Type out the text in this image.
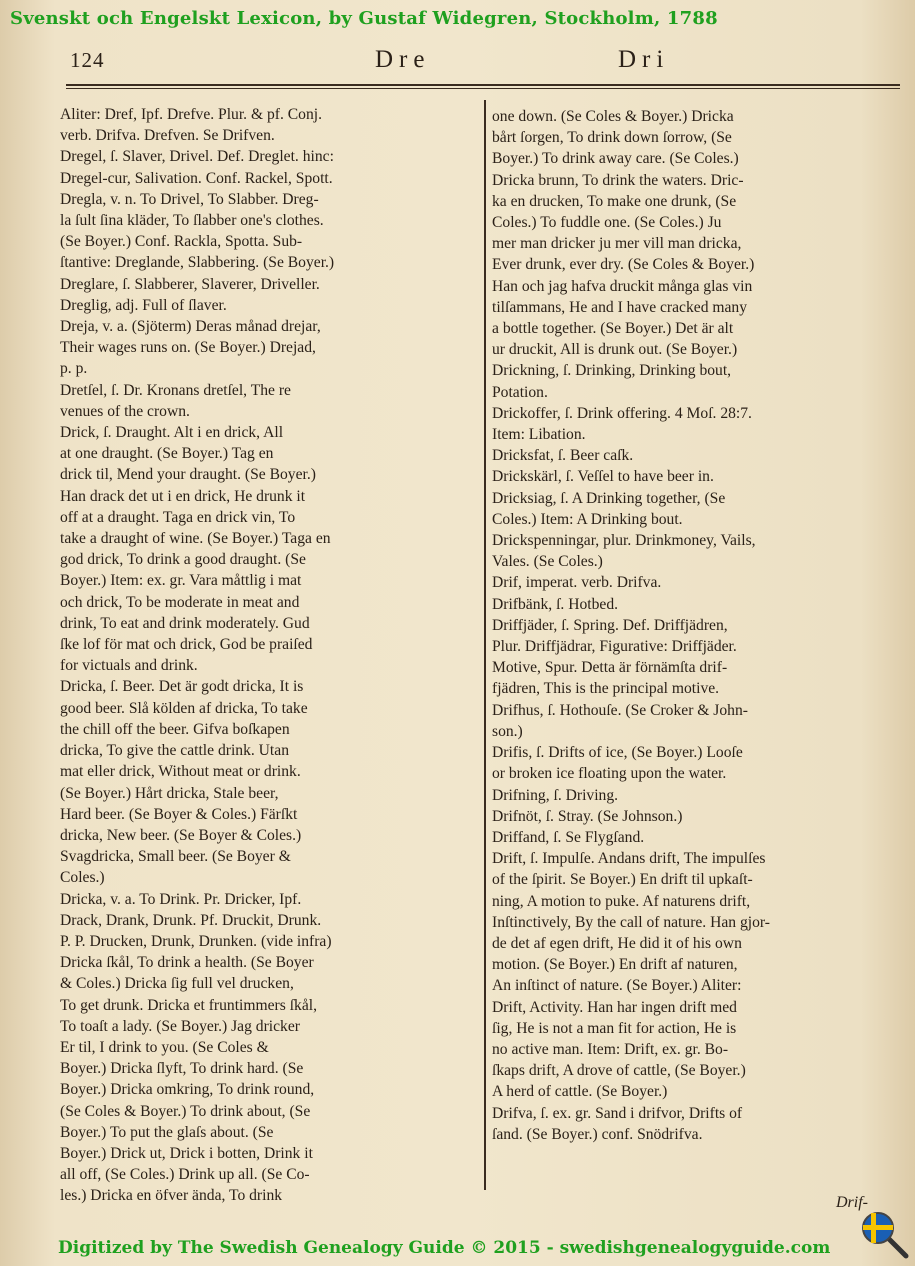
Svenskt och Engelskt Lexicon, by Gustaf Widegren, Stockholm, 1788
124	Dre	Dri
Aliter: Dref, Ipf. Drefve. Plur. & pf. Conj.
verb. Drifva. Drefven. Se Drifven.
Dregel, ſ. Slaver, Drivel. Def. Dreglet. hinc:
Dregel-cur, Salivation. Conf. Rackel, Spott.
Dregla, v. n. To Drivel, To Slabber. Dreg-
la ſult ſina kläder, To ſlabber one's clothes.
(Se Boyer.) Conf. Rackla, Spotta. Sub-
ſtantive: Dreglande, Slabbering. (Se Boyer.)
Dreglare, ſ. Slabberer, Slaverer, Driveller.
Dreglig, adj. Full of ſlaver.
Dreja, v. a. (Sjöterm) Deras månad drejar,
Their wages runs on. (Se Boyer.) Drejad,
p. p.
Dretſel, ſ. Dr. Kronans dretſel, The re
venues of the crown.
Drick, ſ. Draught. Alt i en drick, All
at one draught. (Se Boyer.) Tag en
drick til, Mend your draught. (Se Boyer.)
Han drack det ut i en drick, He drunk it
off at a draught. Taga en drick vin, To
take a draught of wine. (Se Boyer.) Taga en
god drick, To drink a good draught. (Se
Boyer.) Item: ex. gr. Vara måttlig i mat
och drick, To be moderate in meat and
drink, To eat and drink moderately. Gud
ſke lof för mat och drick, God be praiſed
for victuals and drink.
Dricka, ſ. Beer. Det är godt dricka, It is
good beer. Slå kölden af dricka, To take
the chill off the beer. Gifva boſkapen
dricka, To give the cattle drink. Utan
mat eller drick, Without meat or drink.
(Se Boyer.) Hårt dricka, Stale beer,
Hard beer. (Se Boyer & Coles.) Färſkt
dricka, New beer. (Se Boyer & Coles.)
Svagdricka, Small beer. (Se Boyer &
Coles.)
Dricka, v. a. To Drink. Pr. Dricker, Ipf.
Drack, Drank, Drunk. Pf. Druckit, Drunk.
P. P. Drucken, Drunk, Drunken. (vide infra)
Dricka ſkål, To drink a health. (Se Boyer
& Coles.) Dricka ſig full vel drucken,
To get drunk. Dricka et fruntimmers ſkål,
To toaſt a lady. (Se Boyer.) Jag dricker
Er til, I drink to you. (Se Coles &
Boyer.) Dricka ſlyft, To drink hard. (Se
Boyer.) Dricka omkring, To drink round,
(Se Coles & Boyer.) To drink about, (Se
Boyer.) To put the glaſs about. (Se
Boyer.) Drick ut, Drick i botten, Drink it
all off, (Se Coles.) Drink up all. (Se Co-
les.) Dricka en öfver ända, To drink
one down. (Se Coles & Boyer.) Dricka
bårt ſorgen, To drink down ſorrow, (Se
Boyer.) To drink away care. (Se Coles.)
Dricka brunn, To drink the waters. Dric-
ka en drucken, To make one drunk, (Se
Coles.) To fuddle one. (Se Coles.) Ju
mer man dricker ju mer vill man dricka,
Ever drunk, ever dry. (Se Coles & Boyer.)
Han och jag hafva druckit många glas vin
tilſammans, He and I have cracked many
a bottle together. (Se Boyer.) Det är alt
ur druckit, All is drunk out. (Se Boyer.)
Drickning, ſ. Drinking, Drinking bout,
Potation.
Drickoffer, ſ. Drink offering. 4 Moſ. 28:7.
Item: Libation.
Dricksfat, ſ. Beer caſk.
Drickskärl, ſ. Veſſel to have beer in.
Dricksiag, ſ. A Drinking together, (Se
Coles.) Item: A Drinking bout.
Drickspenningar, plur. Drinkmoney, Vails,
Vales. (Se Coles.)
Drif, imperat. verb. Drifva.
Drifbänk, ſ. Hotbed.
Driffjäder, ſ. Spring. Def. Driffjädren,
Plur. Driffjädrar, Figurative: Driffjäder.
Motive, Spur. Detta är förnämſta drif-
fjädren, This is the principal motive.
Drifhus, ſ. Hothouſe. (Se Croker & John-
son.)
Drifis, ſ. Drifts of ice, (Se Boyer.) Looſe
or broken ice floating upon the water.
Drifning, ſ. Driving.
Drifnöt, ſ. Stray. (Se Johnson.)
Driffand, ſ. Se Flygſand.
Drift, ſ. Impulſe. Andans drift, The impulſes
of the ſpirit. Se Boyer.) En drift til upkaſt-
ning, A motion to puke. Af naturens drift,
Inſtinctively, By the call of nature. Han gjor-
de det af egen drift, He did it of his own
motion. (Se Boyer.) En drift af naturen,
An inſtinct of nature. (Se Boyer.) Aliter:
Drift, Activity. Han har ingen drift med
ſig, He is not a man fit for action, He is
no active man. Item: Drift, ex. gr. Bo-
ſkaps drift, A drove of cattle, (Se Boyer.)
A herd of cattle. (Se Boyer.)
Drifva, ſ. ex. gr. Sand i drifvor, Drifts of
ſand. (Se Boyer.) conf. Snödrifva.
Drif-
Digitized by The Swedish Genealogy Guide © 2015 - swedishgenealogyguide.com
